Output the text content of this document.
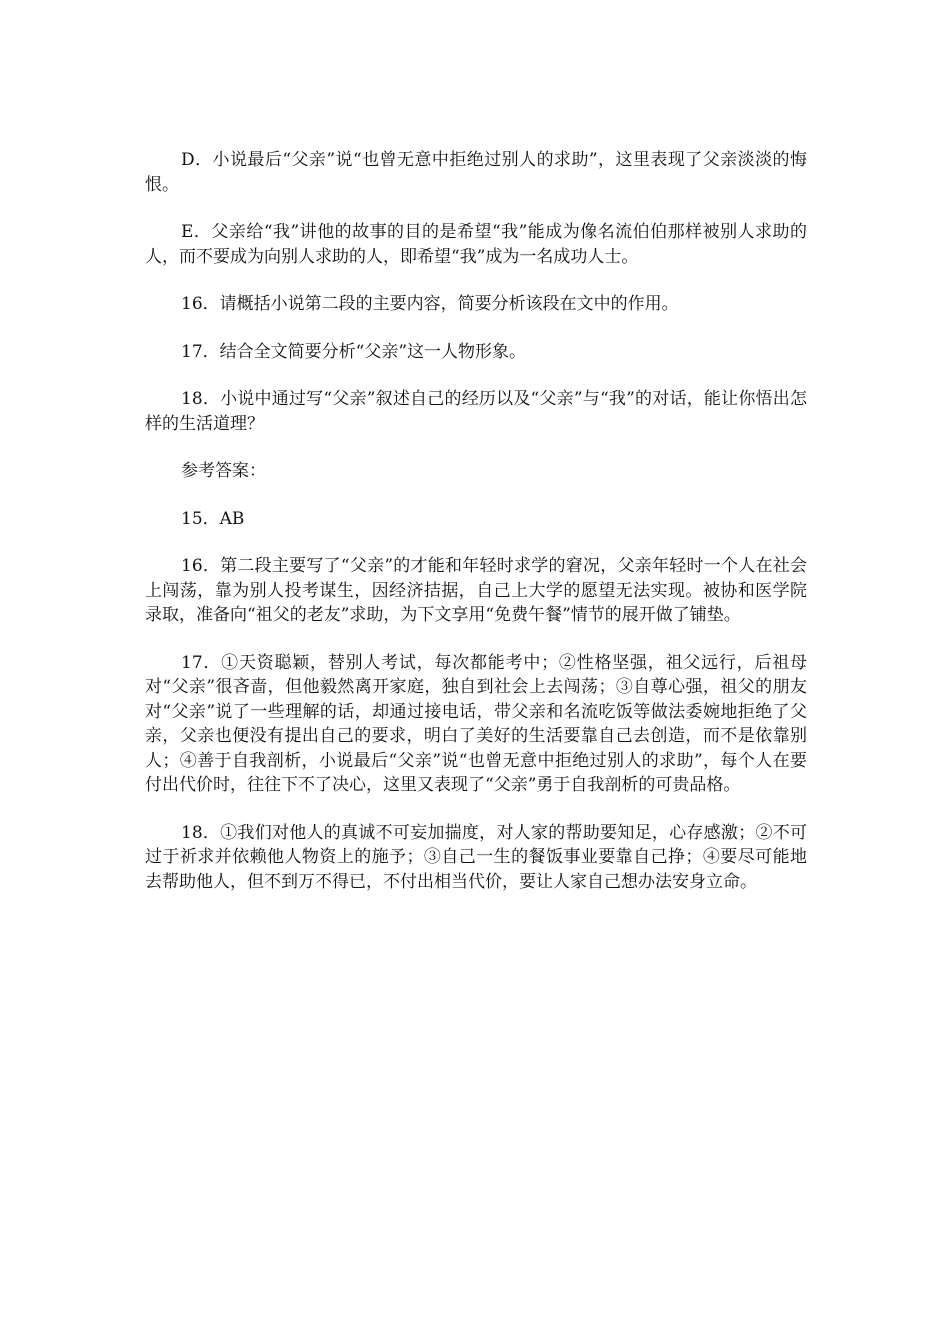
D．小说最后“父亲”说“也曾无意中拒绝过别人的求助”，这里表现了父亲淡淡的悔恨。

E．父亲给“我”讲他的故事的目的是希望“我”能成为像名流伯伯那样被别人求助的人，而不要成为向别人求助的人，即希望“我”成为一名成功人士。

16．请概括小说第二段的主要内容，简要分析该段在文中的作用。

17．结合全文简要分析“父亲”这一人物形象。

18．小说中通过写“父亲”叙述自己的经历以及“父亲”与“我”的对话，能让你悟出怎样的生活道理？

参考答案：

15．AB

16．第二段主要写了“父亲”的才能和年轻时求学的窘况，父亲年轻时一个人在社会上闯荡，靠为别人投考谋生，因经济拮据，自己上大学的愿望无法实现。被协和医学院录取，准备向“祖父的老友”求助，为下文享用“免费午餐”情节的展开做了铺垫。

17．①天资聪颖，替别人考试，每次都能考中；②性格坚强，祖父远行，后祖母对“父亲”很吝啬，但他毅然离开家庭，独自到社会上去闯荡；③自尊心强，祖父的朋友对“父亲”说了一些理解的话，却通过接电话，带父亲和名流吃饭等做法委婉地拒绝了父亲，父亲也便没有提出自己的要求，明白了美好的生活要靠自己去创造，而不是依靠别人；④善于自我剖析，小说最后“父亲”说“也曾无意中拒绝过别人的求助”，每个人在要付出代价时，往往下不了决心，这里又表现了“父亲”勇于自我剖析的可贵品格。

18．①我们对他人的真诚不可妄加揣度，对人家的帮助要知足，心存感激；②不可过于祈求并依赖他人物资上的施予；③自己一生的餐饭事业要靠自己挣；④要尽可能地去帮助他人，但不到万不得已，不付出相当代价，要让人家自己想办法安身立命。
